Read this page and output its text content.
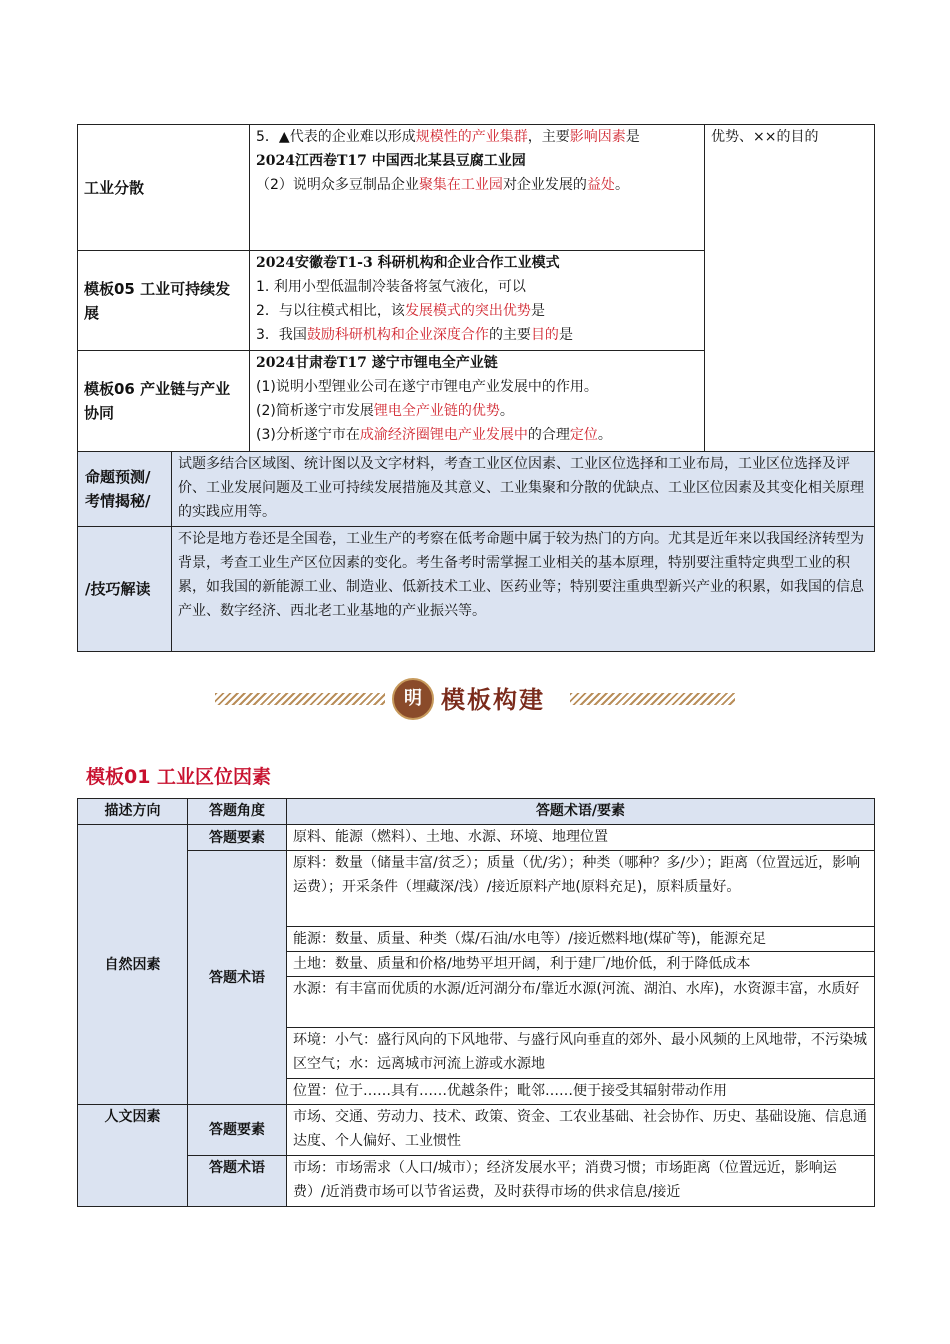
工业分散		5．▲代表的企业难以形成规模性的产业集群，主要影响因素是
2024江西卷T17 中国西北某县豆腐工业园
（2）说明众多豆制品企业聚集在工业园对企业发展的益处。	优势、××的目的
模板05 工业可持续发展		2024安徽卷T1-3 科研机构和企业合作工业模式
1. 利用小型低温制冷装备将氢气液化，可以
2．与以往模式相比，该发展模式的突出优势是
3．我国鼓励科研机构和企业深度合作的主要目的是	

模板06 产业链与产业协同		2024甘肃卷T17 遂宁市锂电全产业链
(1)说明小型锂业公司在遂宁市锂电产业发展中的作用。
(2)简析遂宁市发展锂电全产业链的优势。
(3)分析遂宁市在成渝经济圈锂电产业发展中的合理定位。	

命题预测/考情揭秘/	试题多结合区域图、统计图以及文字材料，考查工业区位因素、工业区位选择和工业布局，工业区位选择及评价、工业发展问题及工业可持续发展措施及其意义、工业集聚和分散的优缺点、工业区位因素及其变化相关原理的实践应用等。		
/技巧解读	不论是地方卷还是全国卷，工业生产的考察在低考命题中属于较为热门的方向。尤其是近年来以我国经济转型为背景，考查工业生产区位因素的变化。考生备考时需掌握工业相关的基本原理，特别要注重特定典型工业的积累，如我国的新能源工业、制造业、低新技术工业、医药业等；特别要注重典型新兴产业的积累，如我国的信息产业、数字经济、西北老工业基地的产业振兴等。		
明 模板构建
模板01 工业区位因素
描述方向	答题角度	答题术语/要素
自然因素	答题要素	原料、能源（燃料）、土地、水源、环境、地理位置
	答题术语	原料：数量（储量丰富/贫乏）；质量（优/劣）；种类（哪种？多/少）；距离（位置远近，影响运费）；开采条件（埋藏深/浅）/接近原料产地(原料充足)，原料质量好。
		能源：数量、质量、种类（煤/石油/水电等）/接近燃料地(煤矿等)，能源充足
		土地：数量、质量和价格/地势平坦开阔，利于建厂/地价低，利于降低成本
		水源：有丰富而优质的水源/近河湖分布/靠近水源(河流、湖泊、水库)，水资源丰富，水质好
		环境：小气：盛行风向的下风地带、与盛行风向垂直的郊外、最小风频的上风地带，不污染城区空气；水：远离城市河流上游或水源地
		位置：位于……具有……优越条件；毗邻……便于接受其辐射带动作用
人文因素	答题要素	市场、交通、劳动力、技术、政策、资金、工农业基础、社会协作、历史、基础设施、信息通达度、个人偏好、工业惯性
	答题术语	市场：市场需求（人口/城市）；经济发展水平；消费习惯；市场距离（位置远近，影响运费）/近消费市场可以节省运费，及时获得市场的供求信息/接近
